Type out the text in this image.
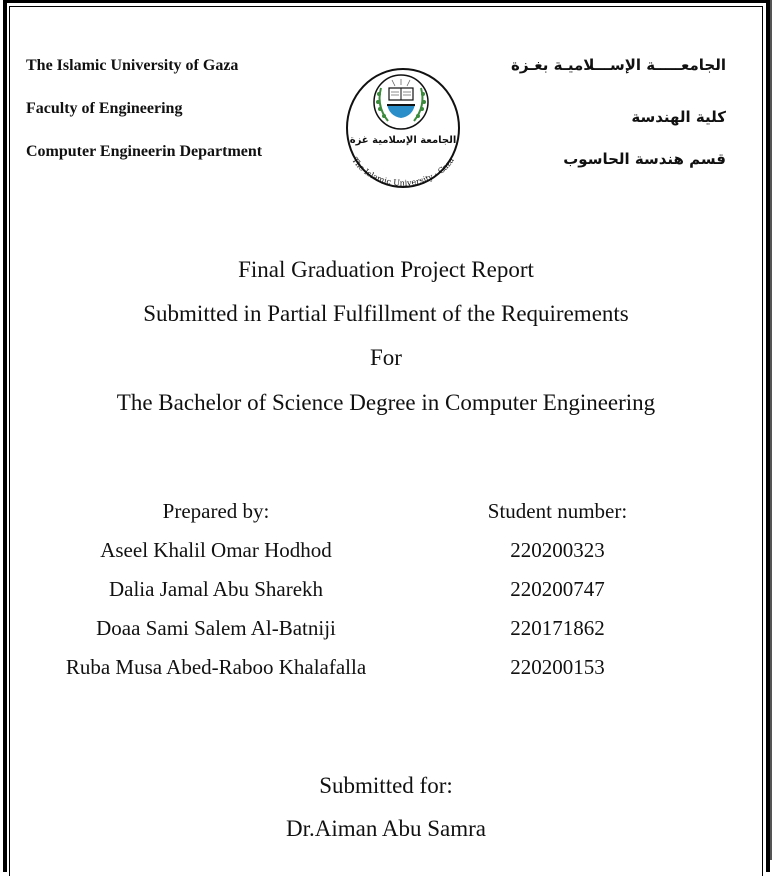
The Islamic University of Gaza
Faculty of Engineering
Computer Engineerin Department
الجامعـــــة الإســـلاميـة بغـزة
كلية الهندسة
قسم هندسة الحاسوب
الجامعة الإسلامية غزة
The Islamic University · Gaza
Final Graduation Project Report
Submitted in Partial Fulfillment of the Requirements
For
The Bachelor of Science Degree in Computer Engineering
Prepared by:
Aseel Khalil Omar Hodhod
Dalia Jamal Abu Sharekh
Doaa Sami Salem Al-Batniji
Ruba Musa Abed-Raboo Khalafalla
Student number:
220200323
220200747
220171862
220200153
Submitted for:
Dr.Aiman Abu Samra
